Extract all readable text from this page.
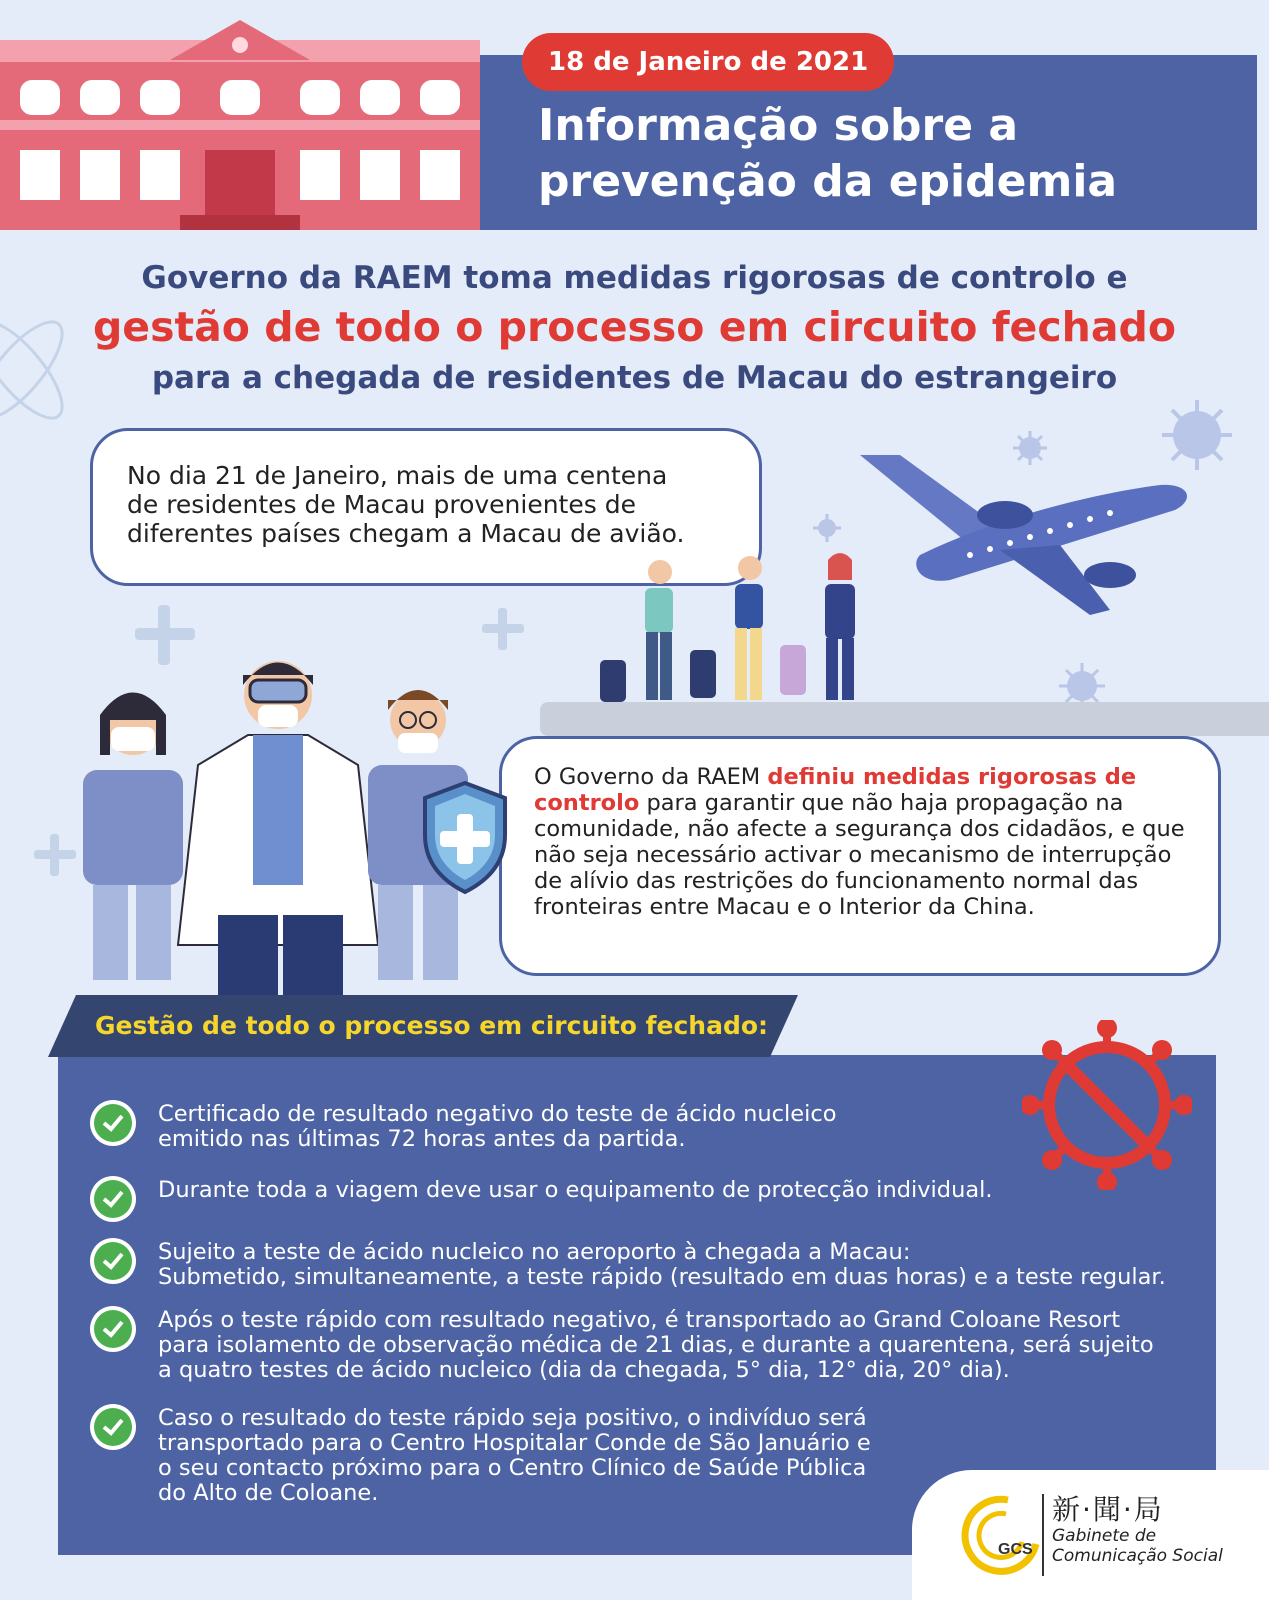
18 de Janeiro de 2021
Informação sobre a
prevenção da epidemia
Governo da RAEM toma medidas rigorosas de controlo e
gestão de todo o processo em circuito fechado
para a chegada de residentes de Macau do estrangeiro
No dia 21 de Janeiro, mais de uma centena
de residentes de Macau provenientes de
diferentes países chegam a Macau de avião.
O Governo da RAEM definiu medidas rigorosas de controlo para garantir que não haja propagação na comunidade, não afecte a segurança dos cidadãos, e que não seja necessário activar o mecanismo de interrupção de alívio das restrições do funcionamento normal das fronteiras entre Macau e o Interior da China.
Gestão de todo o processo em circuito fechado:
Certificado de resultado negativo do teste de ácido nucleico
emitido nas últimas 72 horas antes da partida.
Durante toda a viagem deve usar o equipamento de protecção individual.
Sujeito a teste de ácido nucleico no aeroporto à chegada a Macau:
Submetido, simultaneamente, a teste rápido (resultado em duas horas) e a teste regular.
Após o teste rápido com resultado negativo, é transportado ao Grand Coloane Resort
para isolamento de observação médica de 21 dias, e durante a quarentena, será sujeito
a quatro testes de ácido nucleico (dia da chegada, 5° dia, 12° dia, 20° dia).
Caso o resultado do teste rápido seja positivo, o indivíduo será
transportado para o Centro Hospitalar Conde de São Januário e
o seu contacto próximo para o Centro Clínico de Saúde Pública
do Alto de Coloane.
GCS
新·聞·局
Gabinete de
Comunicação Social
